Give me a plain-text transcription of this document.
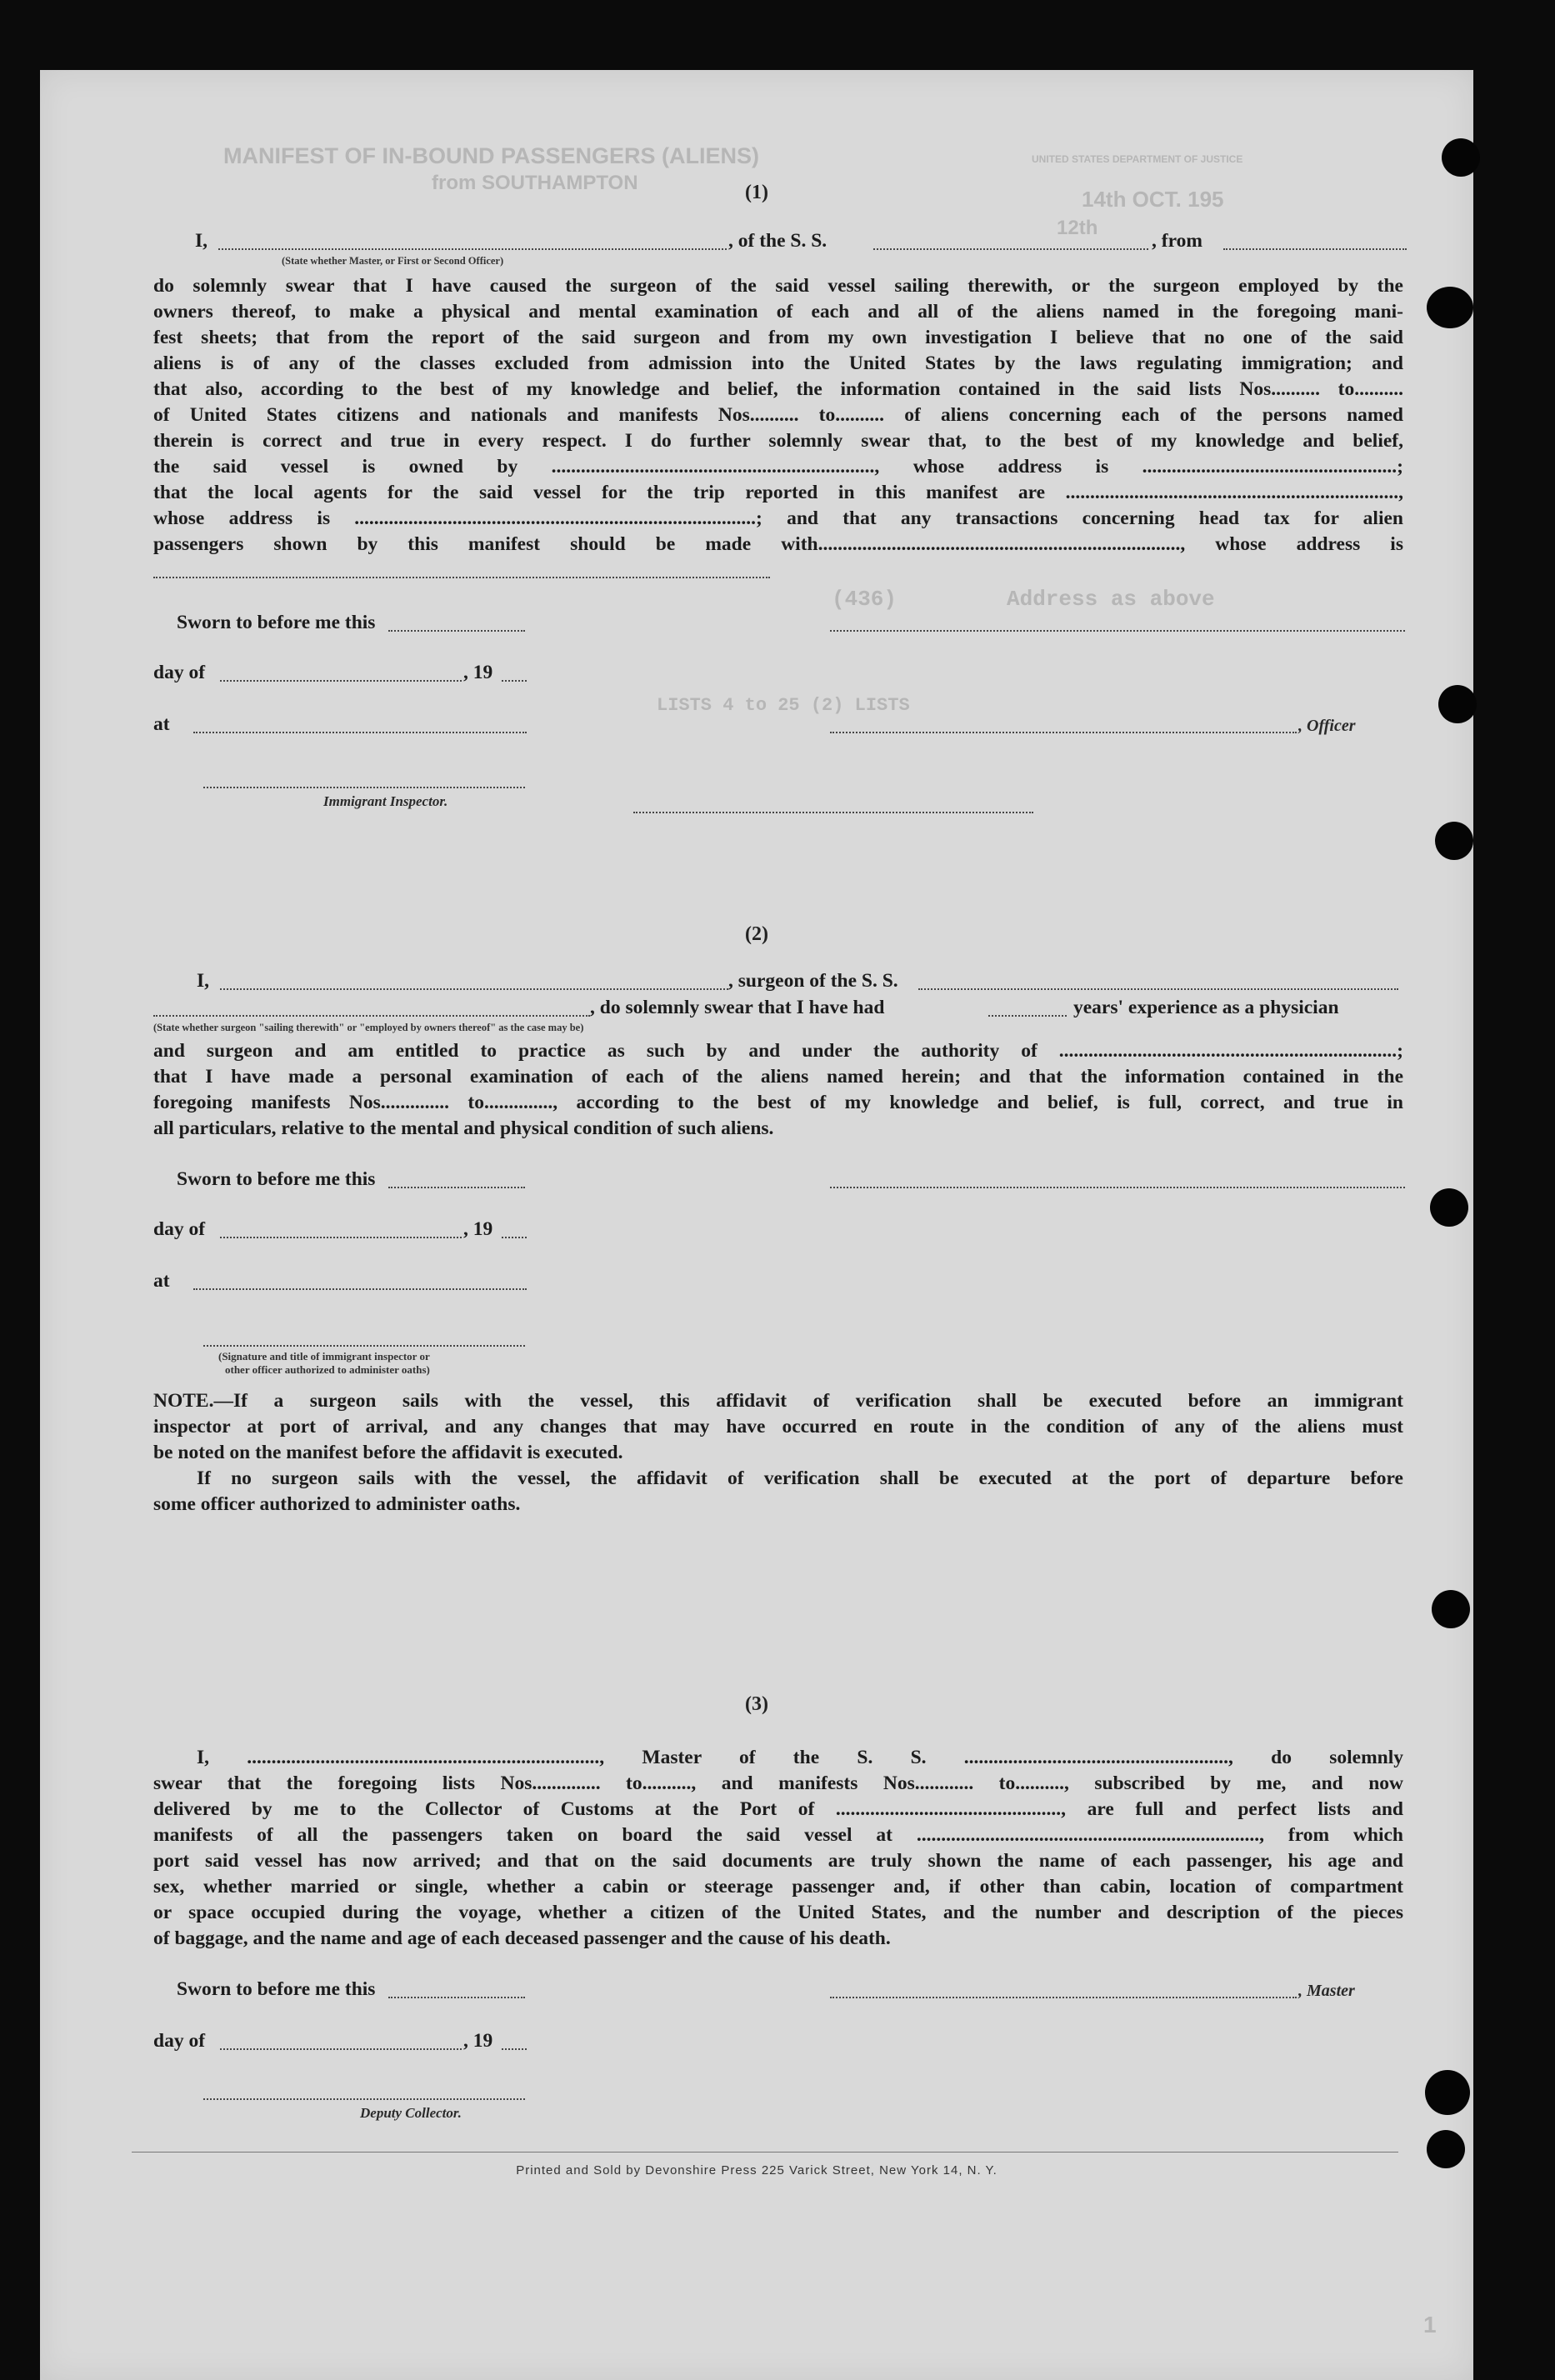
MANIFEST OF IN-BOUND PASSENGERS (ALIENS)
from SOUTHAMPTON
14th OCT. 195
12th
UNITED STATES DEPARTMENT OF JUSTICE
Address as above
(436)
LISTS 4 to 25 (2) LISTS
1
(1)
I,	, of the S. S.	, from
(State whether Master, or First or Second Officer)
do solemnly swear that I have caused the surgeon of the said vessel sailing therewith, or the surgeon employed by the
owners thereof, to make a physical and mental examination of each and all of the aliens named in the foregoing mani-
fest sheets; that from the report of the said surgeon and from my own investigation I believe that no one of the said
aliens is of any of the classes excluded from admission into the United States by the laws regulating immigration; and
that also, according to the best of my knowledge and belief, the information contained in the said lists Nos.......... to..........
of United States citizens and nationals and manifests Nos.......... to.......... of aliens concerning each of the persons named
therein is correct and true in every respect. I do further solemnly swear that, to the best of my knowledge and belief,
the said vessel is owned by .................................................................., whose address is ....................................................;
that the local agents for the said vessel for the trip reported in this manifest are ....................................................................,
whose address is ..................................................................................; and that any transactions concerning head tax for alien
passengers shown by this manifest should be made with.........................................................................., whose address is
Sworn to before me this
day of	, 19
at	, Officer
Immigrant Inspector.
(2)
I,	, surgeon of the S. S.
, do solemnly swear that I have had	years' experience as a physician
(State whether surgeon "sailing therewith" or "employed by owners thereof" as the case may be)
and surgeon and am entitled to practice as such by and under the authority of .....................................................................;
that I have made a personal examination of each of the aliens named herein; and that the information contained in the
foregoing manifests Nos.............. to.............., according to the best of my knowledge and belief, is full, correct, and true in
all particulars, relative to the mental and physical condition of such aliens.
Sworn to before me this
day of	, 19
at
(Signature and title of immigrant inspector or
other officer authorized to administer oaths)
NOTE.—If a surgeon sails with the vessel, this affidavit of verification shall be executed before an immigrant
inspector at port of arrival, and any changes that may have occurred en route in the condition of any of the aliens must
be noted on the manifest before the affidavit is executed.
If no surgeon sails with the vessel, the affidavit of verification shall be executed at the port of departure before
some officer authorized to administer oaths.
(3)
I, ........................................................................, Master of the S. S. ......................................................, do solemnly
swear that the foregoing lists Nos.............. to.........., and manifests Nos............ to.........., subscribed by me, and now
delivered by me to the Collector of Customs at the Port of .............................................., are full and perfect lists and
manifests of all the passengers taken on board the said vessel at ......................................................................, from which
port said vessel has now arrived; and that on the said documents are truly shown the name of each passenger, his age and
sex, whether married or single, whether a cabin or steerage passenger and, if other than cabin, location of compartment
or space occupied during the voyage, whether a citizen of the United States, and the number and description of the pieces
of baggage, and the name and age of each deceased passenger and the cause of his death.
Sworn to before me this	, Master
day of	, 19
Deputy Collector.
Printed and Sold by Devonshire Press 225 Varick Street, New York 14, N. Y.
